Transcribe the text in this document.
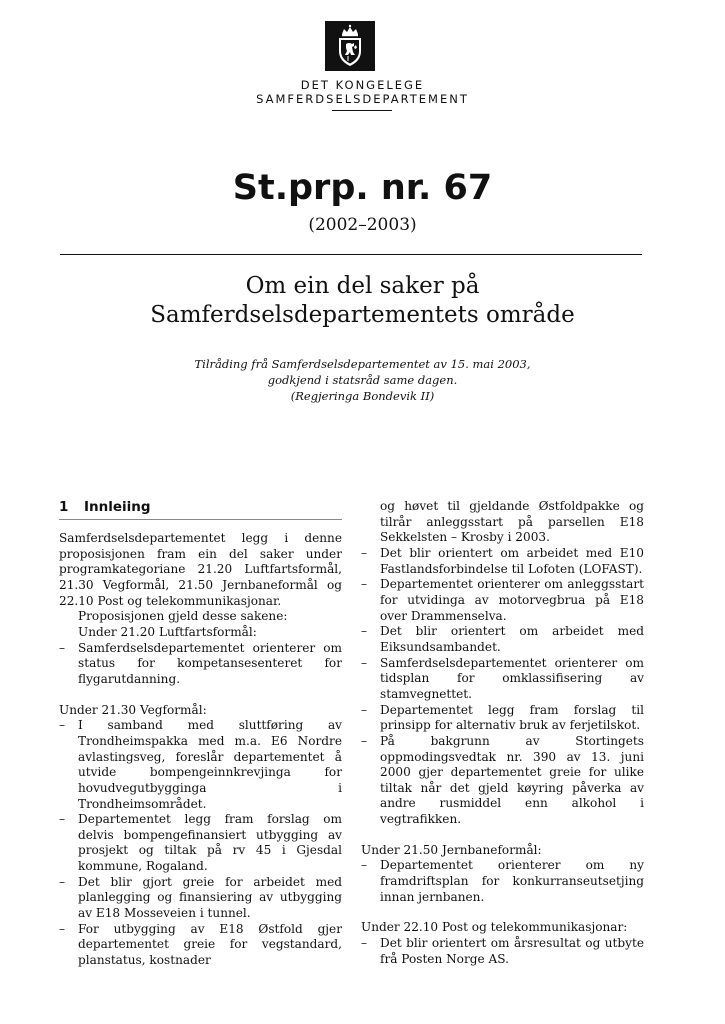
DET KONGELEGE
SAMFERDSELSDEPARTEMENT
St.prp. nr. 67
(2002–2003)
Om ein del saker på
Samferdselsdepartementets område
Tilråding frå Samferdselsdepartementet av 15. mai 2003,
godkjend i statsråd same dagen.
(Regjeringa Bondevik II)
1 Innleiing

Samferdselsdepartementet legg i denne proposisjonen fram ein del saker under programkategoriane 21.20 Luftfartsformål, 21.30 Vegformål, 21.50 Jernbaneformål og 22.10 Post og telekommunikasjonar.

Proposisjonen gjeld desse sakene:

Under 21.20 Luftfartsformål:

– Samferdselsdepartementet orienterer om status for kompetansesenteret for flygarutdanning.

Under 21.30 Vegformål:

– I samband med sluttføring av Trondheimspakka med m.a. E6 Nordre avlastingsveg, foreslår departementet å utvide bompengeinnkrevjinga for hovudvegutbygginga i Trondheimsområdet.
– Departementet legg fram forslag om delvis bompengefinansiert utbygging av prosjekt og tiltak på rv 45 i Gjesdal kommune, Rogaland.
– Det blir gjort greie for arbeidet med planlegging og finansiering av utbygging av E18 Mosseveien i tunnel.
– For utbygging av E18 Østfold gjer departementet greie for vegstandard, planstatus, kostnader

og høvet til gjeldande Østfoldpakke og tilrår anleggsstart på parsellen E18 Sekkelsten – Krosby i 2003.

– Det blir orientert om arbeidet med E10 Fastlandsforbindelse til Lofoten (LOFAST).
– Departementet orienterer om anleggsstart for utvidinga av motorvegbrua på E18 over Drammenselva.
– Det blir orientert om arbeidet med Eiksundsambandet.
– Samferdselsdepartementet orienterer om tidsplan for omklassifisering av stamvegnettet.
– Departementet legg fram forslag til prinsipp for alternativ bruk av ferjetilskot.
– På bakgrunn av Stortingets oppmodingsvedtak nr. 390 av 13. juni 2000 gjer departementet greie for ulike tiltak når det gjeld køyring påverka av andre rusmiddel enn alkohol i vegtrafikken.

Under 21.50 Jernbaneformål:

– Departementet orienterer om ny framdriftsplan for konkurranseutsetjing innan jernbanen.

Under 22.10 Post og telekommunikasjonar:

– Det blir orientert om årsresultat og utbyte frå Posten Norge AS.
